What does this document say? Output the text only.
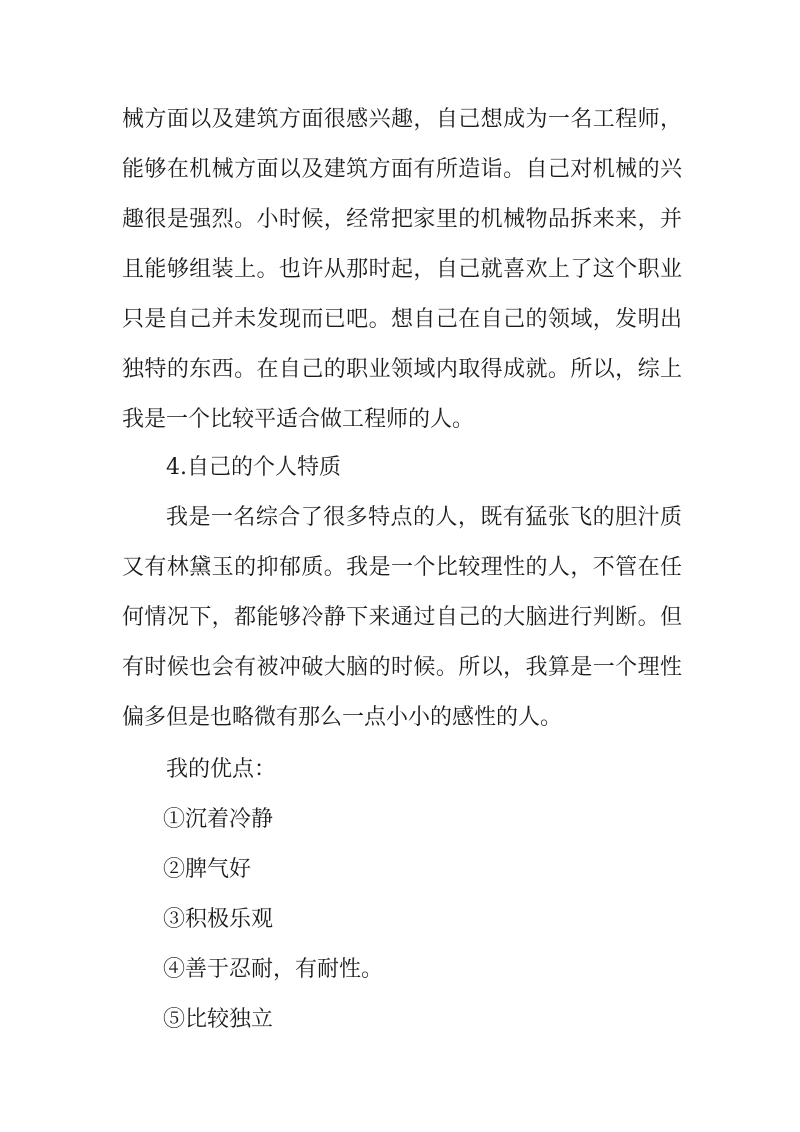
械方面以及建筑方面很感兴趣，自己想成为一名工程师，
能够在机械方面以及建筑方面有所造诣。自己对机械的兴
趣很是强烈。小时候，经常把家里的机械物品拆来来，并
且能够组装上。也许从那时起，自己就喜欢上了这个职业
只是自己并未发现而已吧。想自己在自己的领域，发明出
独特的东西。在自己的职业领域内取得成就。所以，综上
我是一个比较平适合做工程师的人。
4.自己的个人特质
我是一名综合了很多特点的人，既有猛张飞的胆汁质
又有林黛玉的抑郁质。我是一个比较理性的人，不管在任
何情况下，都能够冷静下来通过自己的大脑进行判断。但
有时候也会有被冲破大脑的时候。所以，我算是一个理性
偏多但是也略微有那么一点小小的感性的人。
我的优点：
①沉着冷静
②脾气好
③积极乐观
④善于忍耐，有耐性。
⑤比较独立
